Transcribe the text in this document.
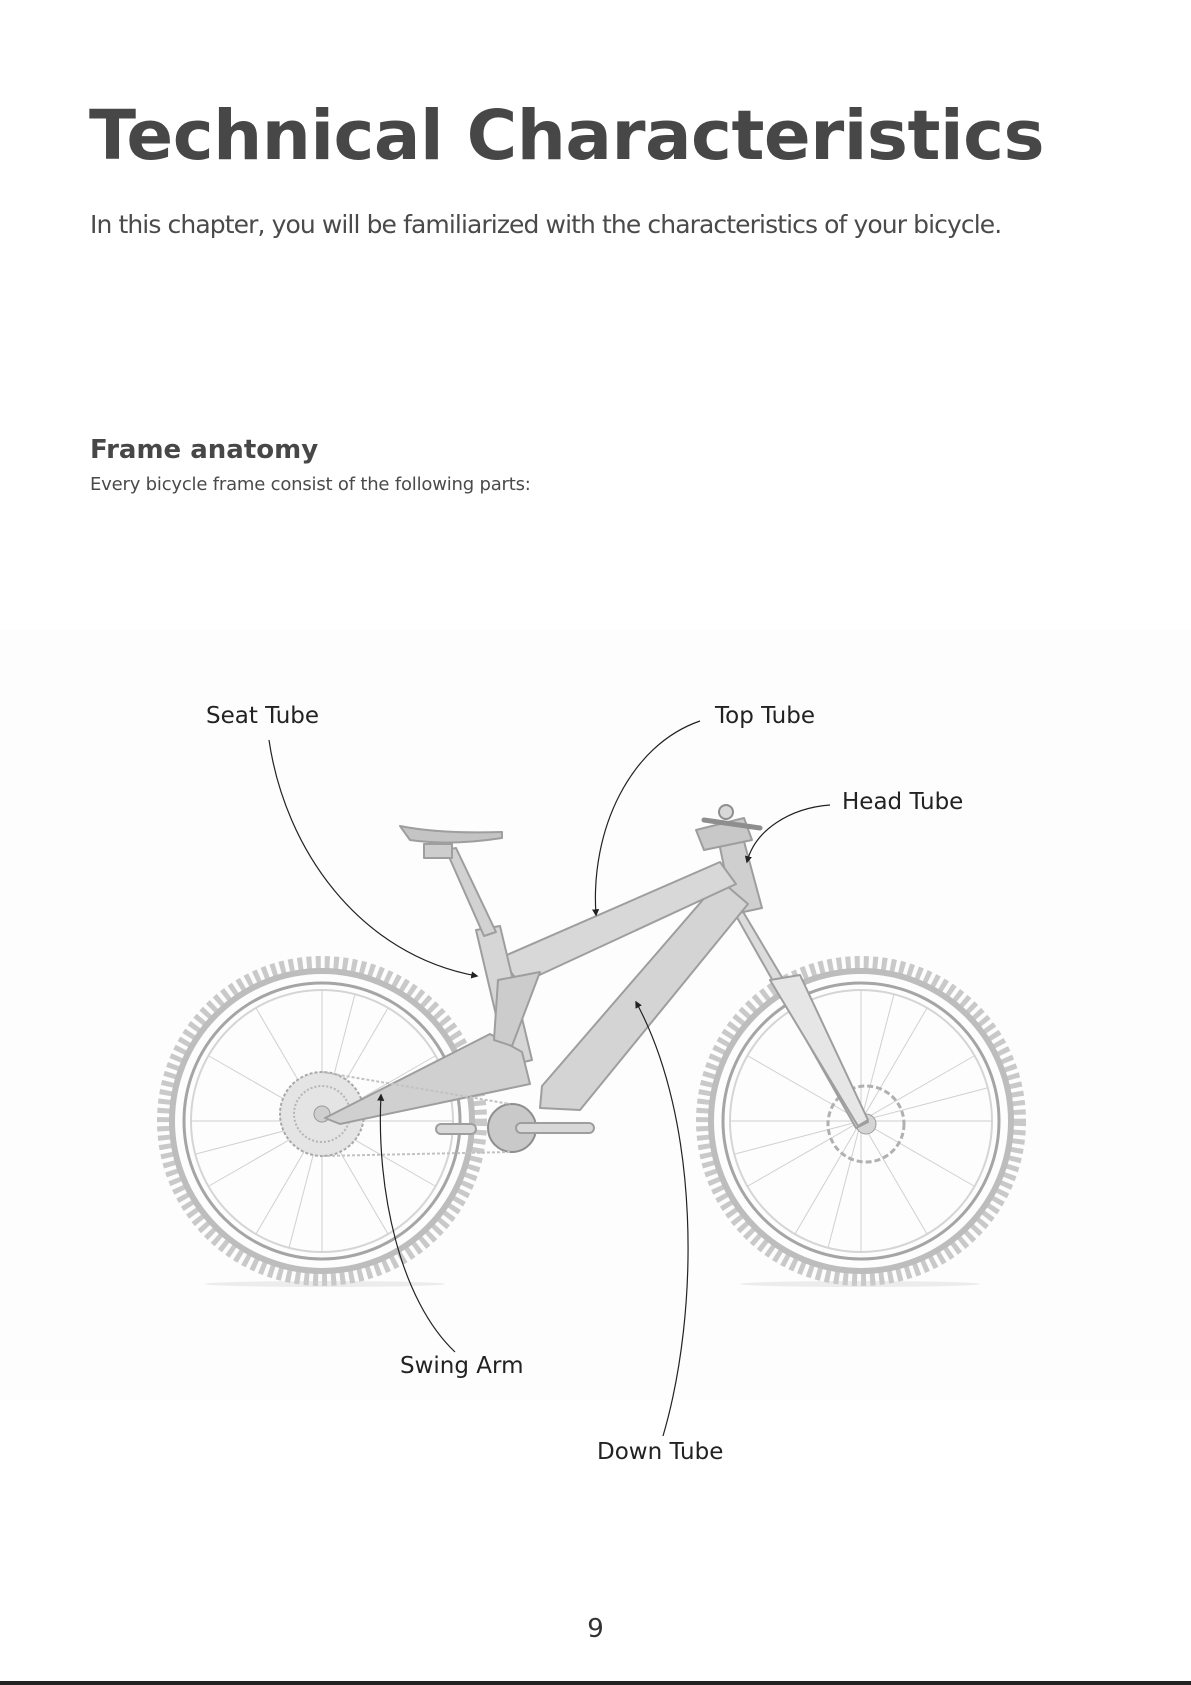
Technical Characteristics

In this chapter, you will be familiarized with the characteristics of your bicycle.

Frame anatomy

Every bicycle frame consist of the following parts:

Seat Tube	Top Tube
Head Tube
Swing Arm
Down Tube
9
